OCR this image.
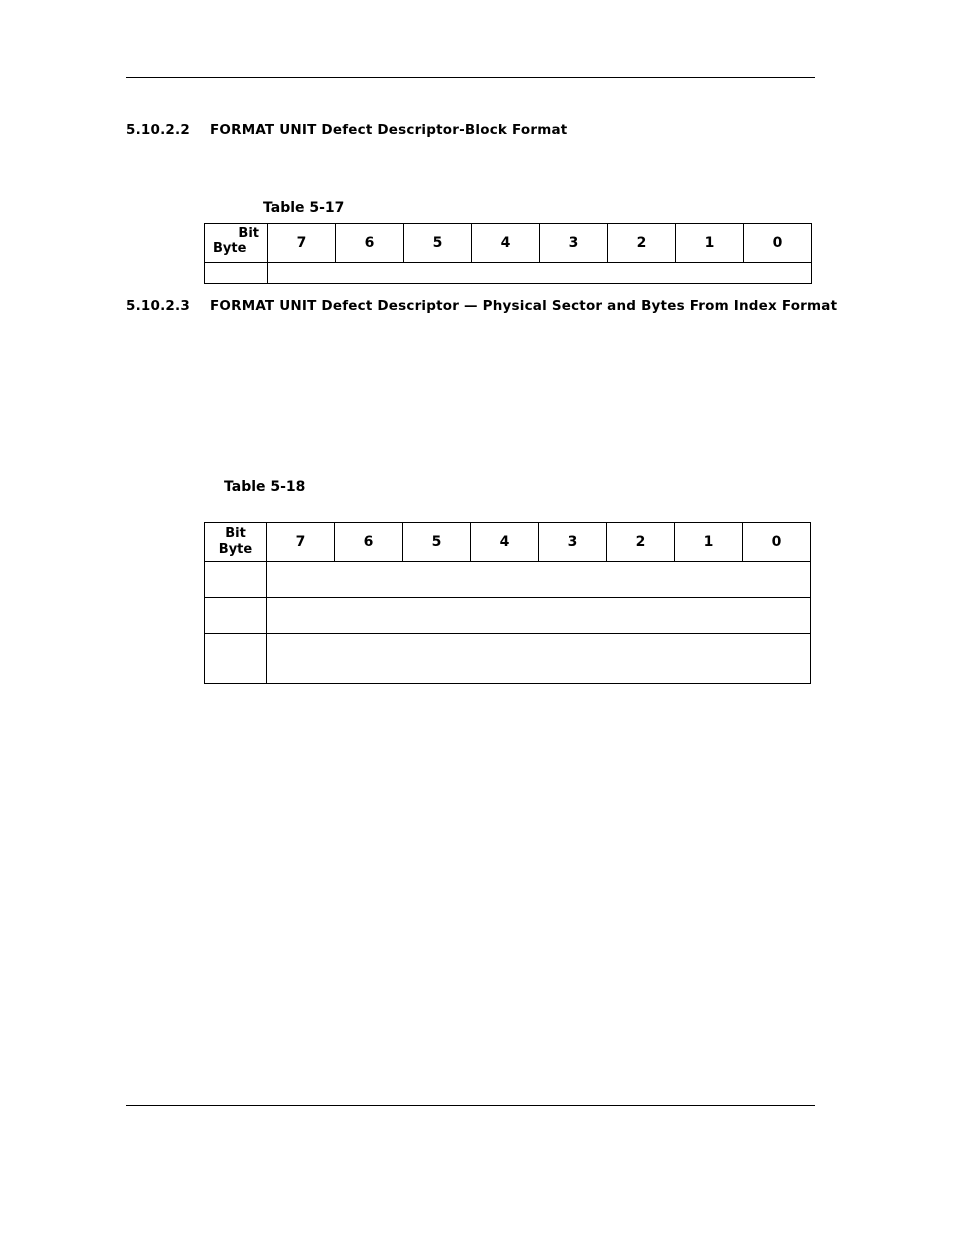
5.10.2.2 FORMAT UNIT Defect Descriptor-Block Format
Table 5-17
Bit
Byte	7	6	5	4	3	2	1	0

5.10.2.3 FORMAT UNIT Defect Descriptor — Physical Sector and Bytes From Index Format
Table 5-18
Bit
Byte	7	6	5	4	3	2	1	0
